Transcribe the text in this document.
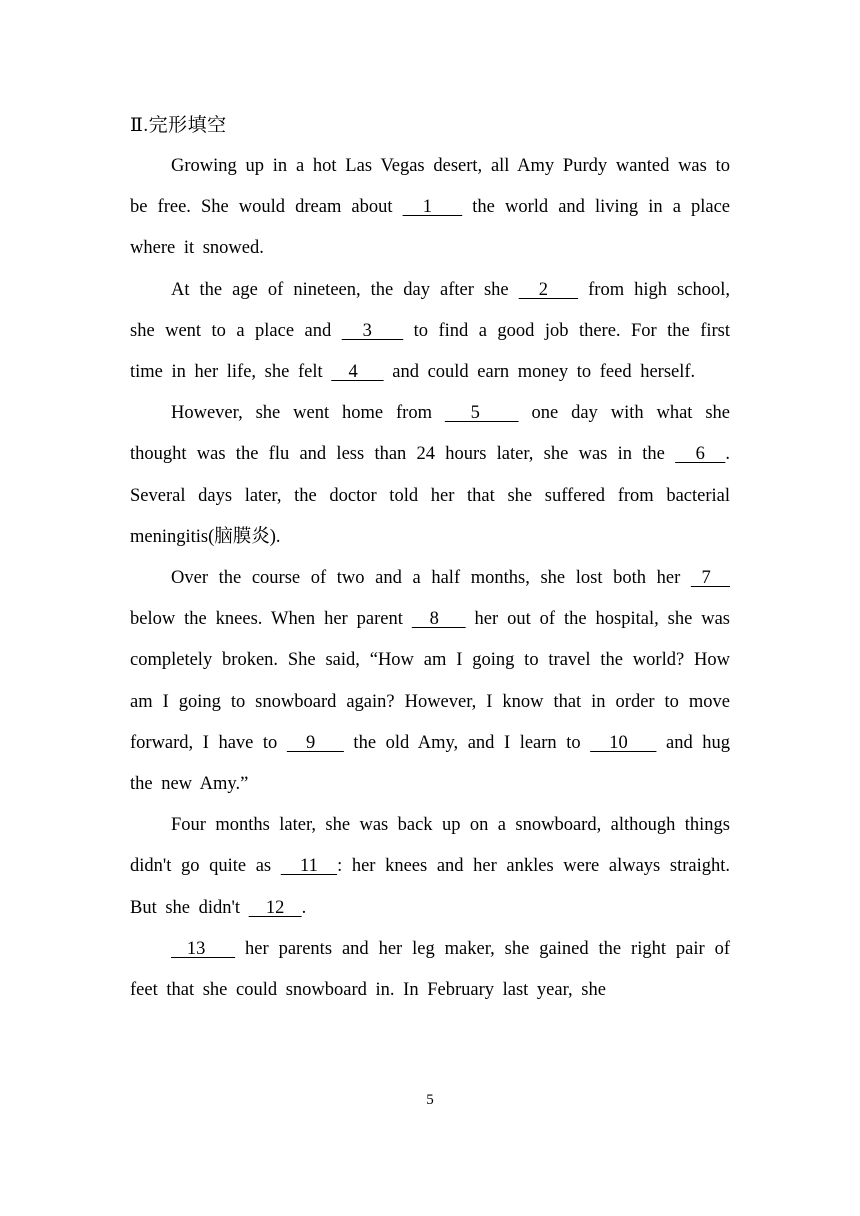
Ⅱ.完形填空

Growing up in a hot Las Vegas desert, all Amy Purdy wanted was to be free. She would dream about   1    the world and living in a place where it snowed.

At the age of nineteen, the day after she   2    from high school, she went to a place and   3    to find a good job there. For the first time in her life, she felt   4    and could earn money to feed herself.

However, she went home from   5    one day with what she thought was the flu and less than 24 hours later, she was in the   6  . Several days later, the doctor told her that she suffered from bacterial meningitis(脑膜炎).

Over the course of two and a half months, she lost both her  7   below the knees. When her parent   8    her out of the hospital, she was completely broken. She said, “How am I going to travel the world? How am I going to snowboard again? However, I know that in order to move forward, I have to   9    the old Amy, and I learn to   10    and hug the new Amy.”

Four months later, she was back up on a snowboard, although things didn't go quite as   11  : her knees and her ankles were always straight. But she didn't   12  .

13    her parents and her leg maker, she gained the right pair of feet that she could snowboard in. In February last year, she

5
